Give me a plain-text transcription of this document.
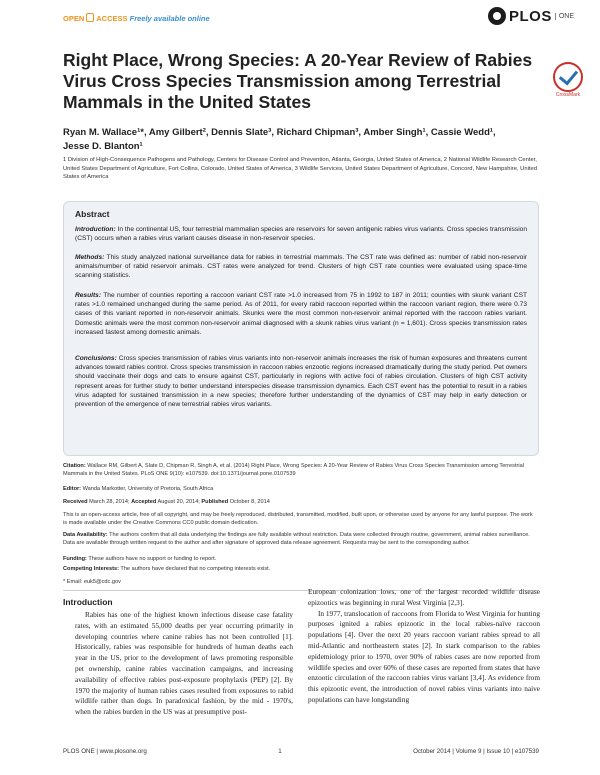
OPEN ACCESS Freely available online	PLOS	ONE
Right Place, Wrong Species: A 20-Year Review of Rabies Virus Cross Species Transmission among Terrestrial Mammals in the United States	CrossMark
Ryan M. Wallace¹*, Amy Gilbert², Dennis Slate³, Richard Chipman³, Amber Singh¹, Cassie Wedd¹,
Jesse D. Blanton¹
1 Division of High-Consequence Pathogens and Pathology, Centers for Disease Control and Prevention, Atlanta, Georgia, United States of America, 2 National Wildlife Research Center, United States Department of Agriculture, Fort Collins, Colorado, United States of America, 3 Wildlife Services, United States Department of Agriculture, Concord, New Hampshire, United States of America
Abstract
Introduction: In the continental US, four terrestrial mammalian species are reservoirs for seven antigenic rabies virus variants. Cross species transmission (CST) occurs when a rabies virus variant causes disease in non-reservoir species.
Methods: This study analyzed national surveillance data for rabies in terrestrial mammals. The CST rate was defined as: number of rabid non-reservoir animals/number of rabid reservoir animals. CST rates were analyzed for trend. Clusters of high CST rate counties were evaluated using space-time scanning statistics.
Results: The number of counties reporting a raccoon variant CST rate >1.0 increased from 75 in 1992 to 187 in 2011; counties with skunk variant CST rates >1.0 remained unchanged during the same period. As of 2011, for every rabid raccoon reported within the raccoon variant region, there were 0.73 cases of this variant reported in non-reservoir animals. Skunks were the most common non-reservoir animal reported with the raccoon rabies variant. Domestic animals were the most common non-reservoir animal diagnosed with a skunk rabies virus variant (n = 1,601). Cross species transmission rates increased fastest among domestic animals.
Conclusions: Cross species transmission of rabies virus variants into non-reservoir animals increases the risk of human exposures and threatens current advances toward rabies control. Cross species transmission in raccoon rabies enzootic regions increased dramatically during the study period. Pet owners should vaccinate their dogs and cats to ensure against CST, particularly in regions with active foci of rabies circulation. Clusters of high CST activity represent areas for further study to better understand interspecies disease transmission dynamics. Each CST event has the potential to result in a rabies virus adapted for sustained transmission in a new species; therefore further understanding of the dynamics of CST may help in early detection or prevention of the emergence of new terrestrial rabies virus variants.
Citation: Wallace RM, Gilbert A, Slate D, Chipman R, Singh A, et al. (2014) Right Place, Wrong Species: A 20-Year Review of Rabies Virus Cross Species Transmission among Terrestrial Mammals in the United States. PLoS ONE 9(10): e107539. doi:10.1371/journal.pone.0107539
Editor: Wanda Markotter, University of Pretoria, South Africa
Received March 28, 2014; Accepted August 20, 2014; Published October 8, 2014
This is an open-access article, free of all copyright, and may be freely reproduced, distributed, transmitted, modified, built upon, or otherwise used by anyone for any lawful purpose. The work is made available under the Creative Commons CC0 public domain dedication.
Data Availability: The authors confirm that all data underlying the findings are fully available without restriction. Data were collected through routine, government, animal rabies surveillance. Data are available through written request to the author and after signature of approved data release agreement. Requests may be sent to the corresponding author.
Funding: These authors have no support or funding to report.
Competing Interests: The authors have declared that no competing interests exist.
* Email: euk5@cdc.gov
Introduction

Rabies has one of the highest known infectious disease case fatality rates, with an estimated 55,000 deaths per year occurring primarily in developing countries where canine rabies has not been controlled [1]. Historically, rabies was responsible for hundreds of human deaths each year in the US, prior to the development of laws promoting responsible pet ownership, canine rabies vaccination campaigns, and increasing availability of effective rabies post-exposure prophylaxis (PEP) [2]. By 1970 the majority of human rabies cases resulted from exposures to rabid wildlife rather than dogs. In paradoxical fashion, by the mid - 1970's, when the rabies burden in the US was at presumptive post-

European colonization lows, one of the largest recorded wildlife disease epizootics was beginning in rural West Virginia [2,3].

In 1977, translocation of raccoons from Florida to West Virginia for hunting purposes ignited a rabies epizootic in the local rabies-naïve raccoon populations [4]. Over the next 20 years raccoon variant rabies spread to all mid-Atlantic and northeastern states [2]. In stark comparison to the rabies epidemiology prior to 1970, over 90% of rabies cases are now reported from wildlife species and over 60% of these cases are reported from states that have enzootic circulation of the raccoon rabies virus variant [3,4]. As evidence from this epizootic event, the introduction of novel rabies virus variants into naive populations can have longstanding

PLOS ONE | www.plosone.org	1	October 2014 | Volume 9 | Issue 10 | e107539
